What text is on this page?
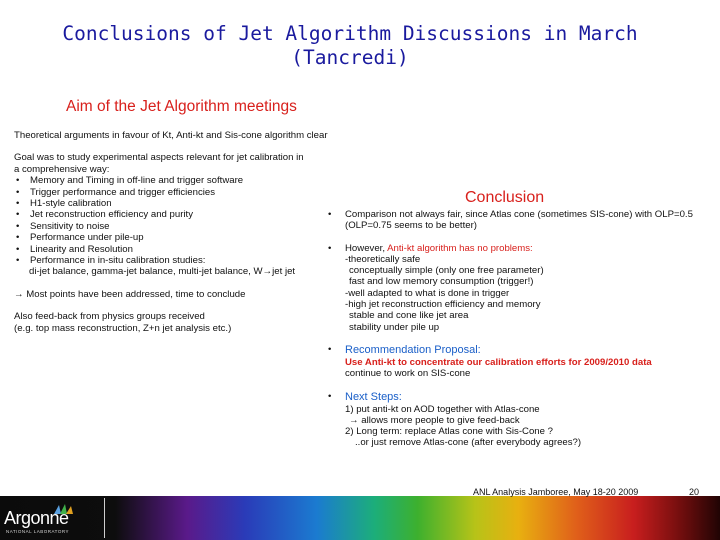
Conclusions of Jet Algorithm Discussions in March
(Tancredi)
Aim of the Jet Algorithm meetings

Theoretical arguments in favour of Kt, Anti-kt and Sis-cone algorithm clear

Goal was to study experimental aspects relevant for jet calibration in

a comprehensive way:

• Memory and Timing in off-line and trigger software
• Trigger performance and trigger efficiencies
• H1-style calibration
• Jet reconstruction efficiency and purity
• Sensitivity to noise
• Performance under pile-up
• Linearity and Resolution
• Performance in in-situ calibration studies:
di-jet balance, gamma-jet balance, multi-jet balance, W→jet jet

→ Most points have been addressed, time to conclude

Also feed-back from physics groups received

(e.g. top mass reconstruction, Z+n jet analysis etc.)

Conclusion
• Comparison not always fair, since Atlas cone (sometimes SIS-cone) with OLP=0.5
(OLP=0.75 seems to be better)
• However, Anti-kt algorithm has no problems:
-theoretically safe
conceptually simple (only one free parameter)
fast and low memory consumption (trigger!)
-well adapted to what is done in trigger
-high jet reconstruction efficiency and memory
stable and cone like jet area
stability under pile up
• Recommendation Proposal:
Use Anti-kt to concentrate our calibration efforts for 2009/2010 data
continue to work on SIS-cone
• Next Steps:
1) put anti-kt on AOD together with Atlas-cone
→ allows more people to give feed-back
2) Long term: replace Atlas cone with Sis-Cone ?
..or just remove Atlas-cone (after everybody agrees?)
Argonne
NATIONAL LABORATORY
J. Proudfoot	ANL Analysis Jamboree, May 18-20 2009	20
